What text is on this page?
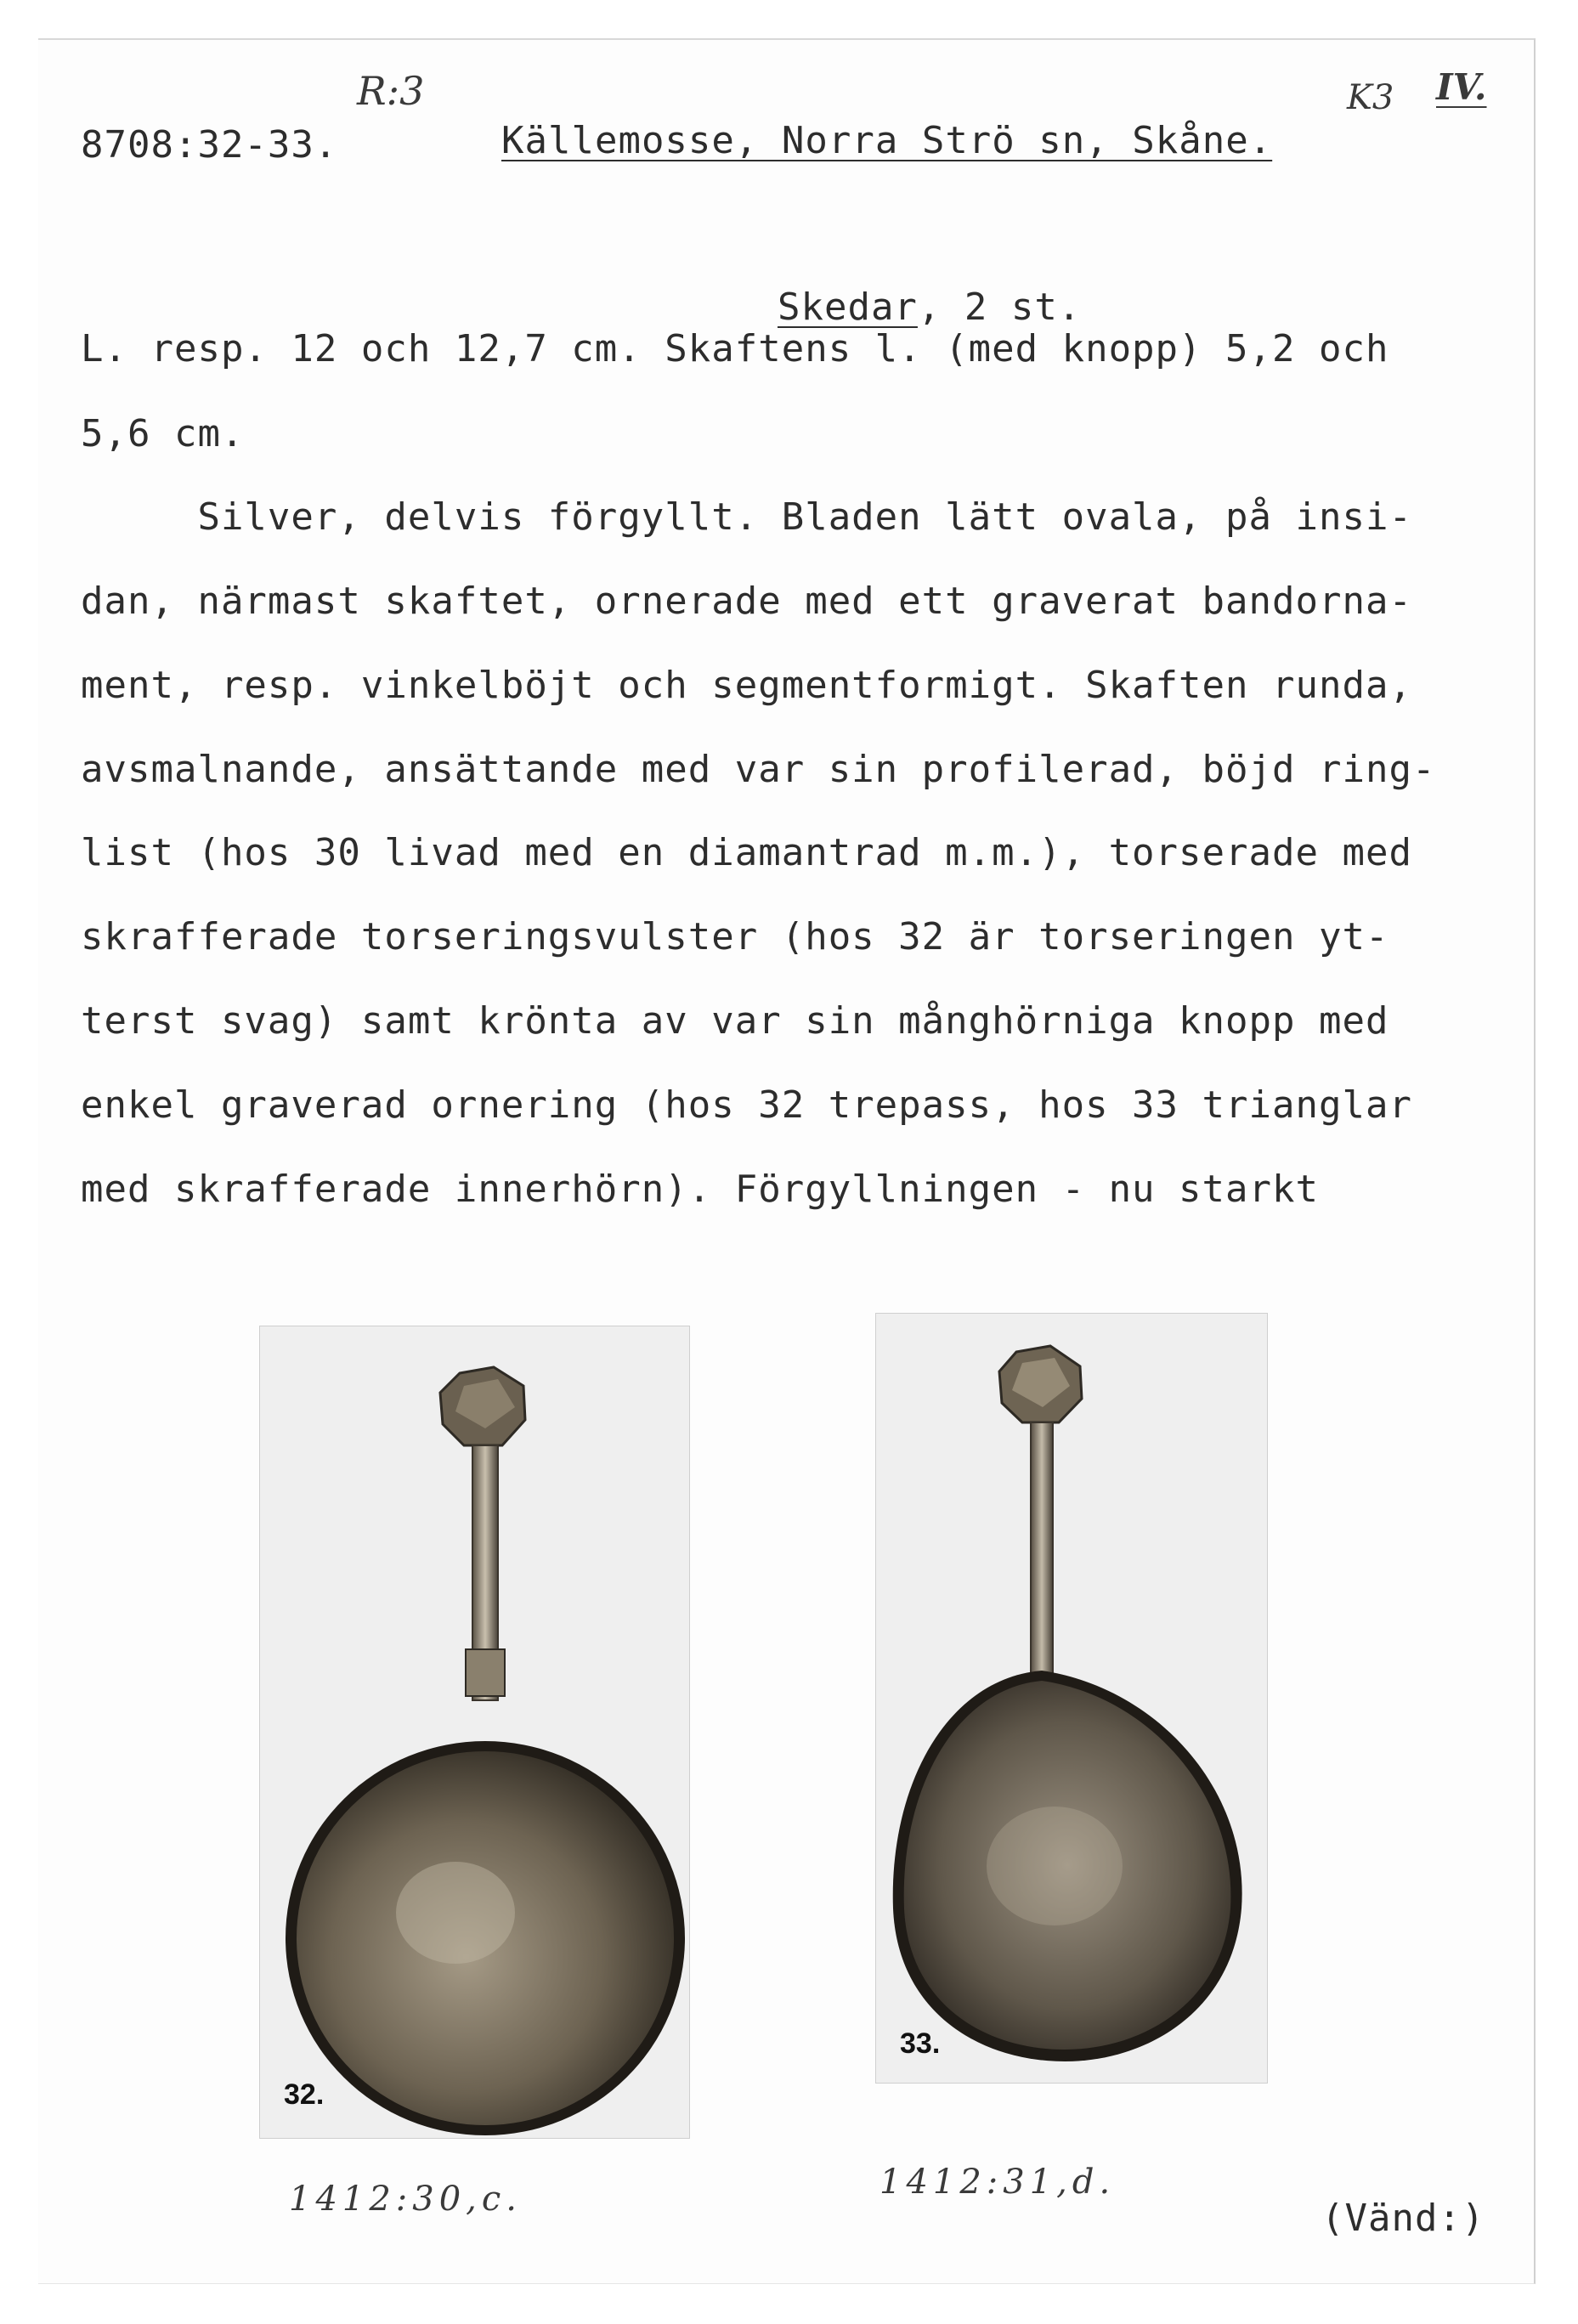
R:3	K3 IV.
8708:32-33.	Källemosse, Norra Strö sn, Skåne.

Skedar, 2 st.

L. resp. 12 och 12,7 cm. Skaftens l. (med knopp) 5,2 och
5,6 cm.
Silver, delvis förgyllt. Bladen lätt ovala, på insi-
dan, närmast skaftet, ornerade med ett graverat bandorna-
ment, resp. vinkelböjt och segmentformigt. Skaften runda,
avsmalnande, ansättande med var sin profilerad, böjd ring-
list (hos 30 livad med en diamantrad m.m.), torserade med
skrafferade torseringsvulster (hos 32 är torseringen yt-
terst svag) samt krönta av var sin månghörniga knopp med
enkel graverad ornering (hos 32 trepass, hos 33 trianglar
med skrafferade innerhörn). Förgyllningen - nu starkt
32.
1412:30,c.
33.
1412:31,d.
(Vänd:)
